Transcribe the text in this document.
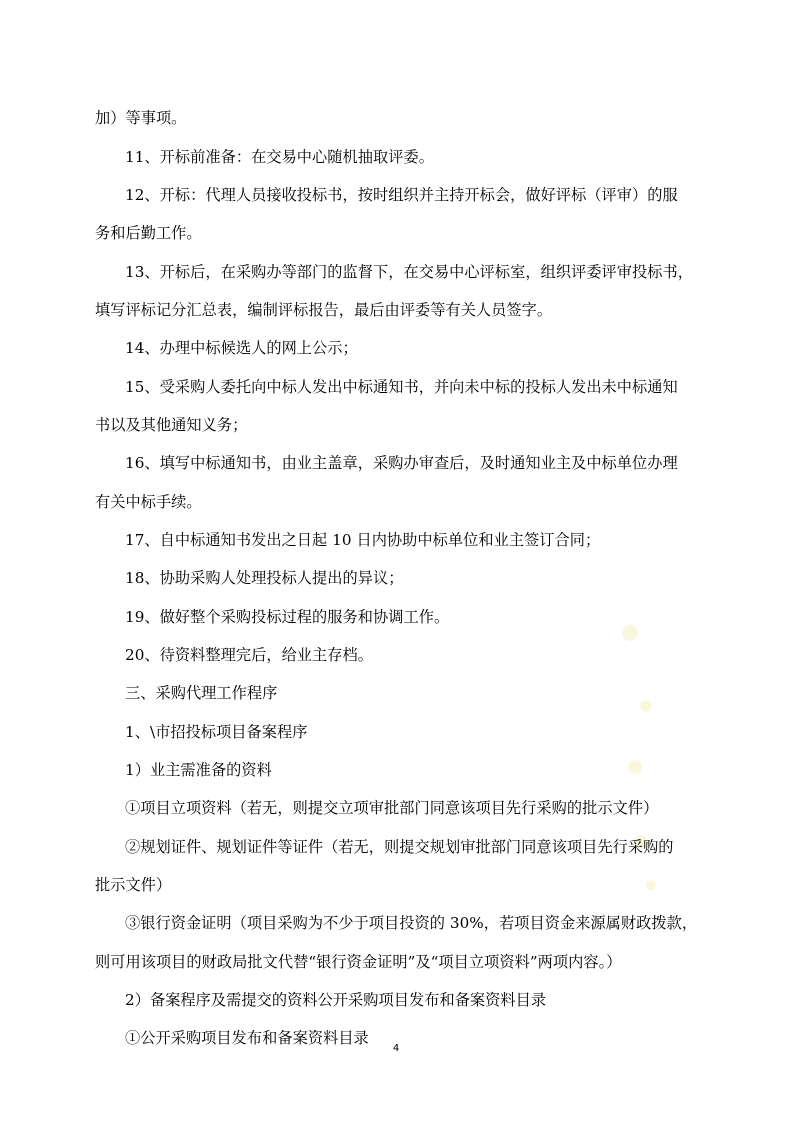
加）等事项。
11、开标前准备：在交易中心随机抽取评委。
12、开标：代理人员接收投标书，按时组织并主持开标会，做好评标（评审）的服
务和后勤工作。
13、开标后，在采购办等部门的监督下，在交易中心评标室，组织评委评审投标书，
填写评标记分汇总表，编制评标报告，最后由评委等有关人员签字。
14、办理中标候选人的网上公示；
15、受采购人委托向中标人发出中标通知书，并向未中标的投标人发出未中标通知
书以及其他通知义务；
16、填写中标通知书，由业主盖章，采购办审查后，及时通知业主及中标单位办理
有关中标手续。
17、自中标通知书发出之日起 10 日内协助中标单位和业主签订合同；
18、协助采购人处理投标人提出的异议；
19、做好整个采购投标过程的服务和协调工作。
20、待资料整理完后，给业主存档。
三、采购代理工作程序
1、\市招投标项目备案程序
1）业主需准备的资料
①项目立项资料（若无，则提交立项审批部门同意该项目先行采购的批示文件）
②规划证件、规划证件等证件（若无，则提交规划审批部门同意该项目先行采购的
批示文件）
③银行资金证明（项目采购为不少于项目投资的 30%，若项目资金来源属财政拨款，
则可用该项目的财政局批文代替“银行资金证明”及“项目立项资料”两项内容。）
2）备案程序及需提交的资料公开采购项目发布和备案资料目录
①公开采购项目发布和备案资料目录
4
